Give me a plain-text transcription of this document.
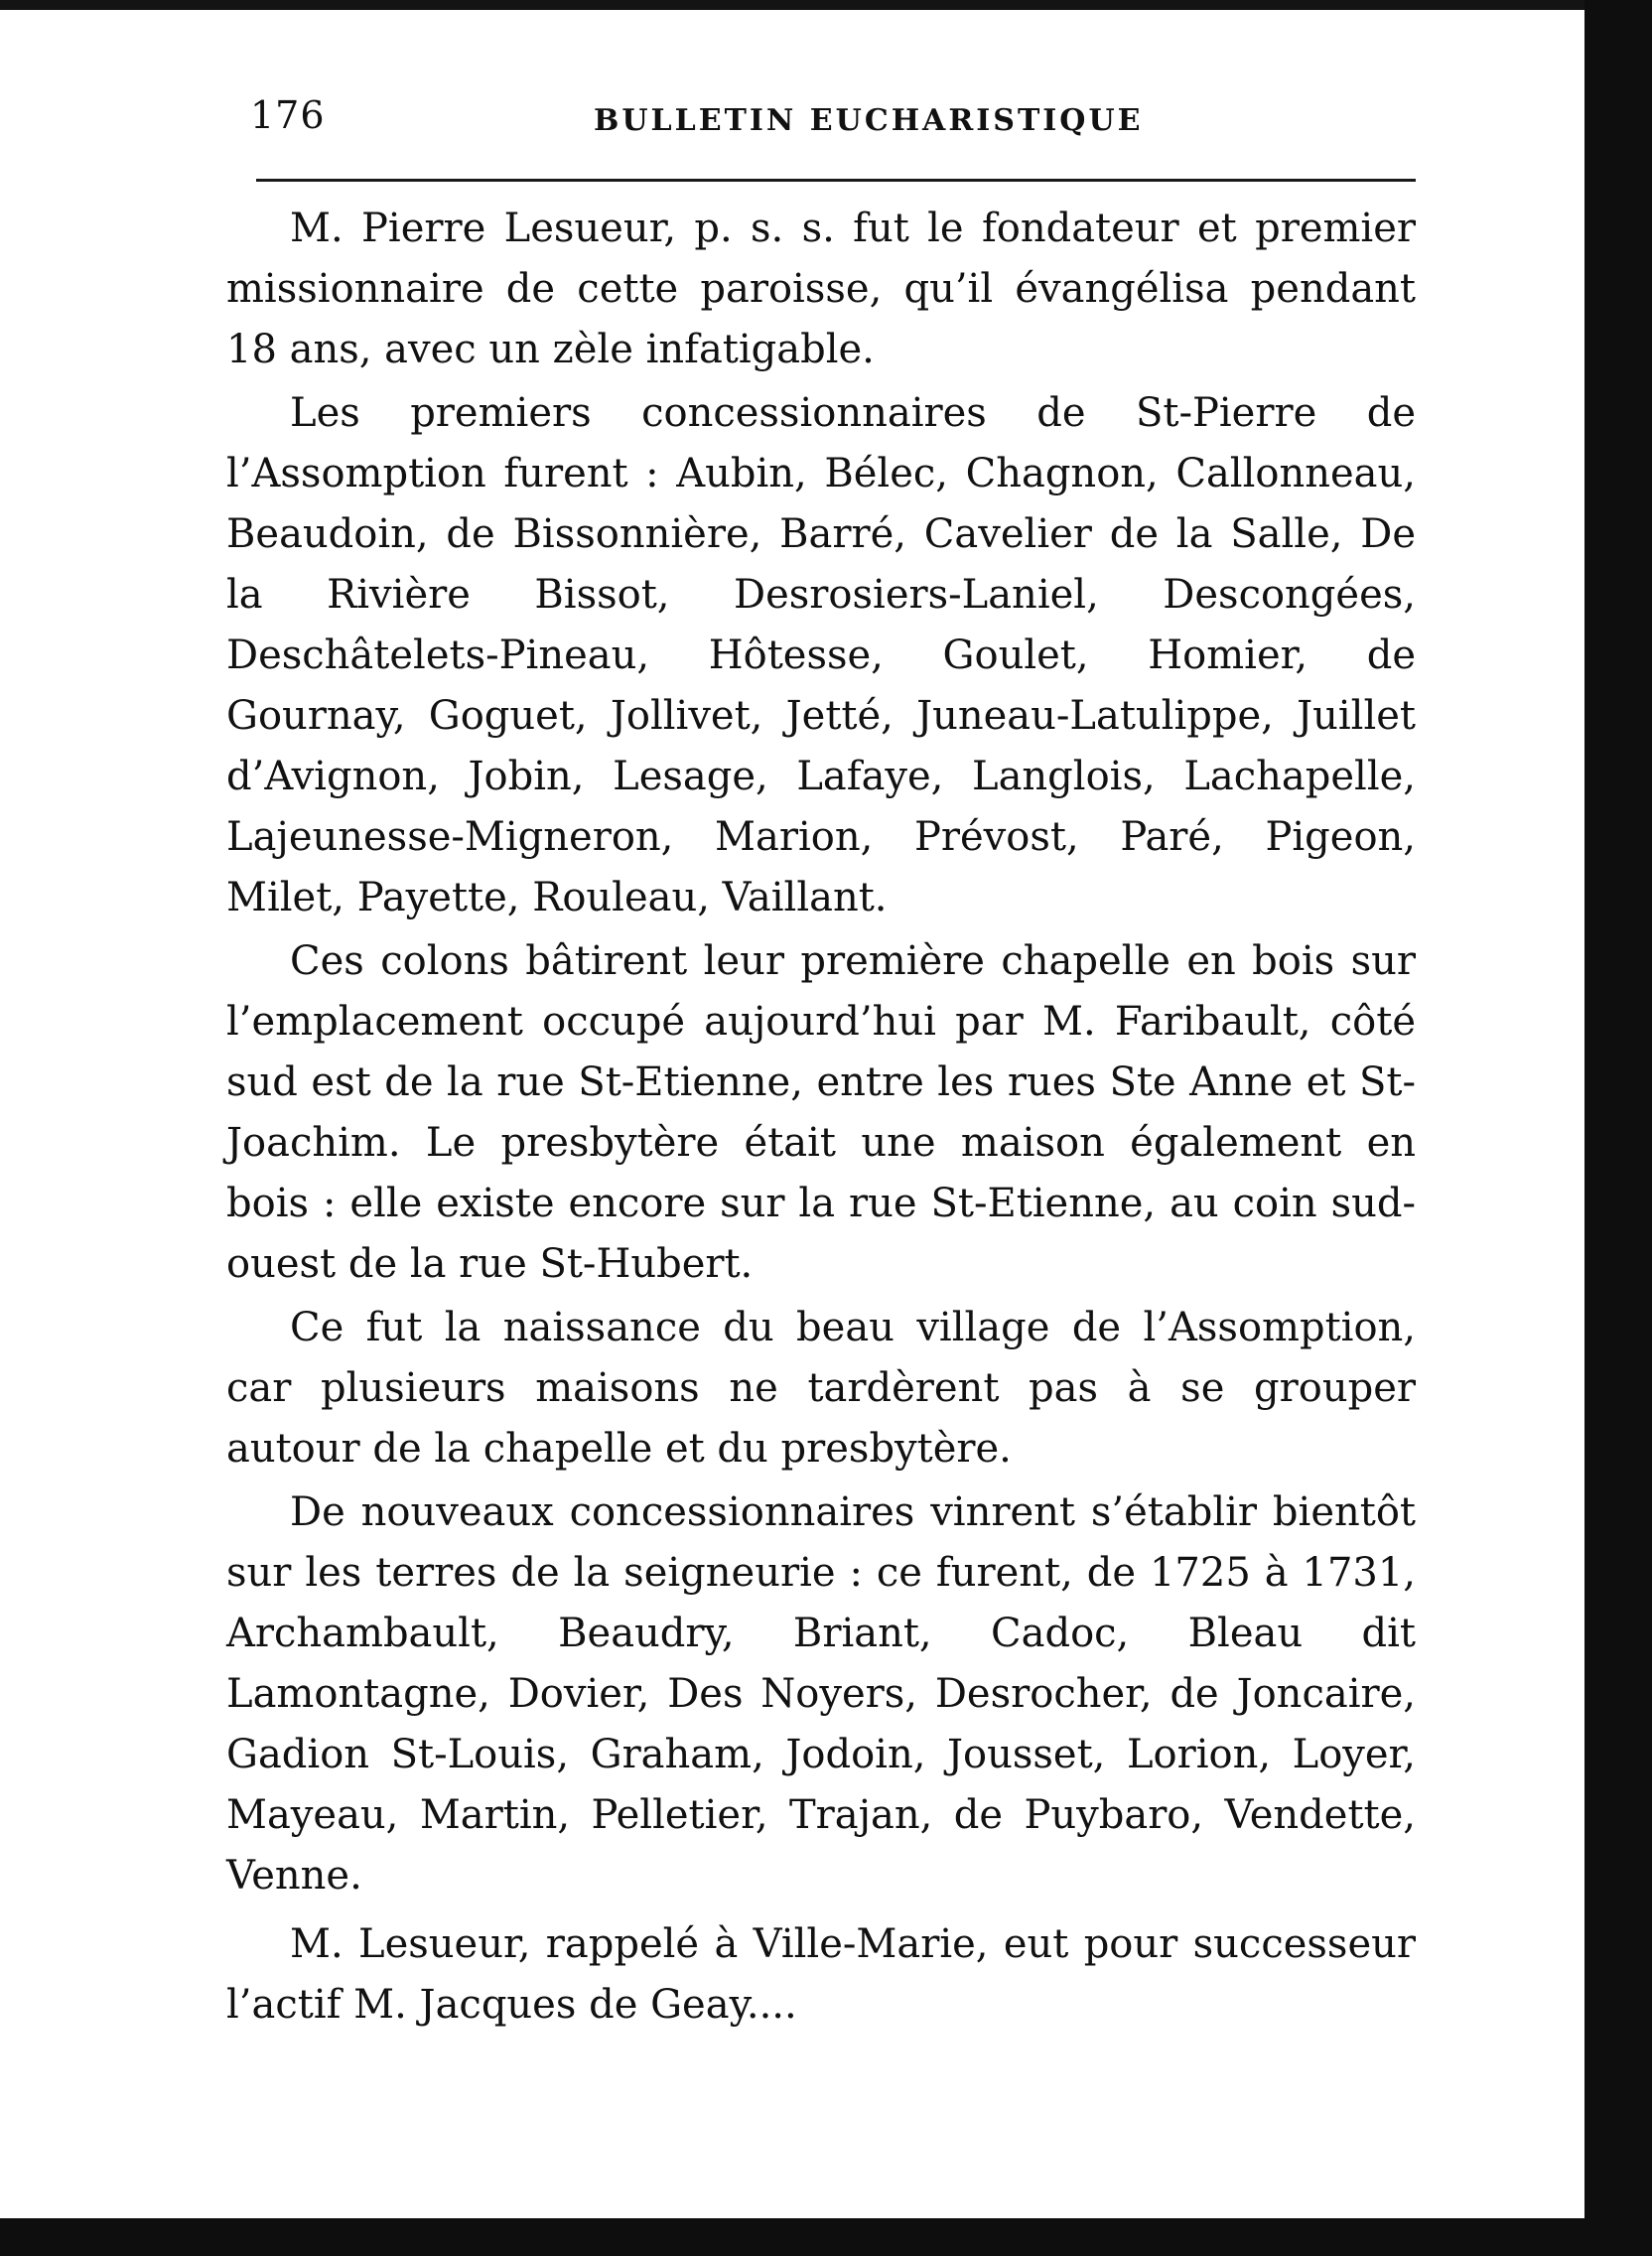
176	BULLETIN EUCHARISTIQUE

M. Pierre Lesueur, p. s. s. fut le fondateur et premier missionnaire de cette paroisse, qu’il évangélisa pendant 18 ans, avec un zèle infatigable.

Les premiers concessionnaires de St-Pierre de l’Assomption furent : Aubin, Bélec, Chagnon, Callonneau, Beaudoin, de Bissonnière, Barré, Cavelier de la Salle, De la Rivière Bissot, Desrosiers-Laniel, Descongées, Deschâtelets-Pineau, Hôtesse, Goulet, Homier, de Gournay, Goguet, Jollivet, Jetté, Juneau-Latulippe, Juillet d’Avignon, Jobin, Lesage, Lafaye, Langlois, Lachapelle, Lajeunesse-Migneron, Marion, Prévost, Paré, Pigeon, Milet, Payette, Rouleau, Vaillant.

Ces colons bâtirent leur première chapelle en bois sur l’emplacement occupé aujourd’hui par M. Faribault, côté sud est de la rue St-Etienne, entre les rues Ste Anne et St-Joachim. Le presbytère était une maison également en bois : elle existe encore sur la rue St-Etienne, au coin sud-ouest de la rue St-Hubert.

Ce fut la naissance du beau village de l’Assomption, car plusieurs maisons ne tardèrent pas à se grouper autour de la chapelle et du presbytère.

De nouveaux concessionnaires vinrent s’établir bientôt sur les terres de la seigneurie : ce furent, de 1725 à 1731, Archambault, Beaudry, Briant, Cadoc, Bleau dit Lamontagne, Dovier, Des Noyers, Desrocher, de Joncaire, Gadion St-Louis, Graham, Jodoin, Jousset, Lorion, Loyer, Mayeau, Martin, Pelletier, Trajan, de Puybaro, Vendette, Venne.

M. Lesueur, rappelé à Ville-Marie, eut pour successeur l’actif M. Jacques de Geay....
